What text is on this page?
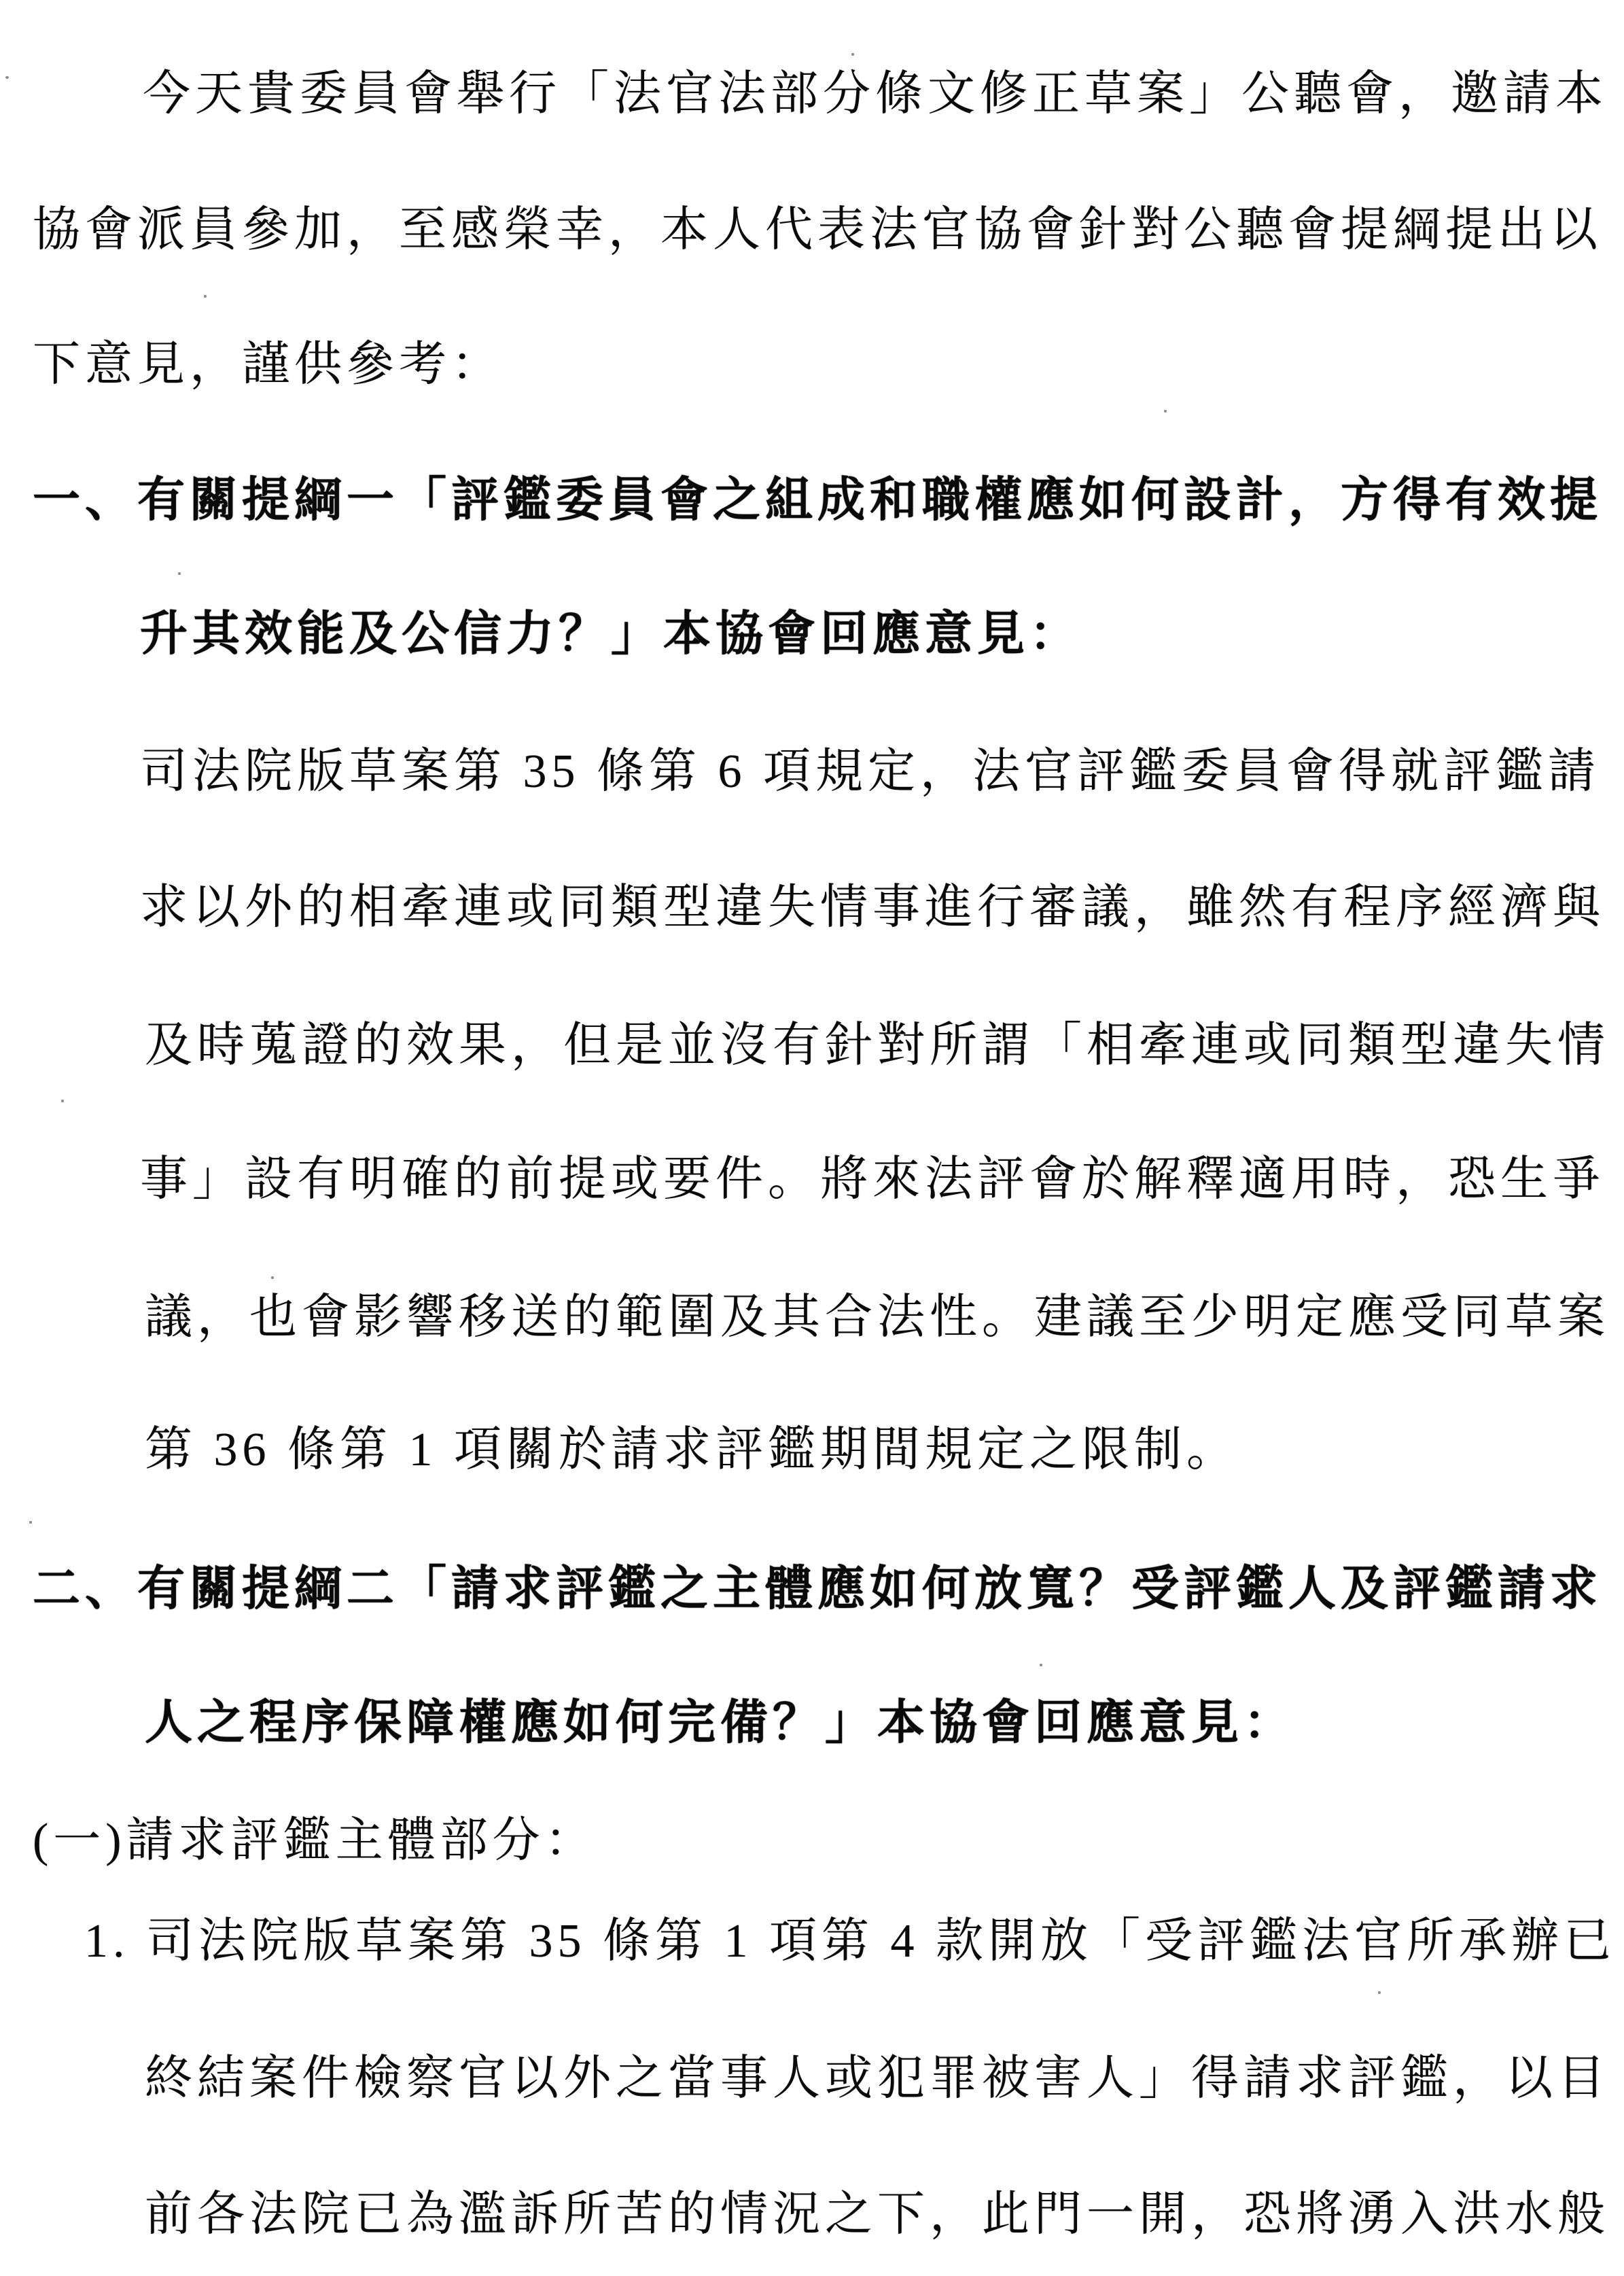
今天貴委員會舉行「法官法部分條文修正草案」公聽會，邀請本
協會派員參加，至感榮幸，本人代表法官協會針對公聽會提綱提出以
下意見，謹供參考：
一、有關提綱一「評鑑委員會之組成和職權應如何設計，方得有效提
升其效能及公信力？」本協會回應意見：
司法院版草案第 35 條第 6 項規定，法官評鑑委員會得就評鑑請
求以外的相牽連或同類型違失情事進行審議，雖然有程序經濟與
及時蒐證的效果，但是並沒有針對所謂「相牽連或同類型違失情
事」設有明確的前提或要件。將來法評會於解釋適用時，恐生爭
議，也會影響移送的範圍及其合法性。建議至少明定應受同草案
第 36 條第 1 項關於請求評鑑期間規定之限制。
二、有關提綱二「請求評鑑之主體應如何放寬？受評鑑人及評鑑請求
人之程序保障權應如何完備？」本協會回應意見：
(一)請求評鑑主體部分：
1. 司法院版草案第 35 條第 1 項第 4 款開放「受評鑑法官所承辦已
終結案件檢察官以外之當事人或犯罪被害人」得請求評鑑，以目
前各法院已為濫訴所苦的情況之下，此門一開，恐將湧入洪水般
